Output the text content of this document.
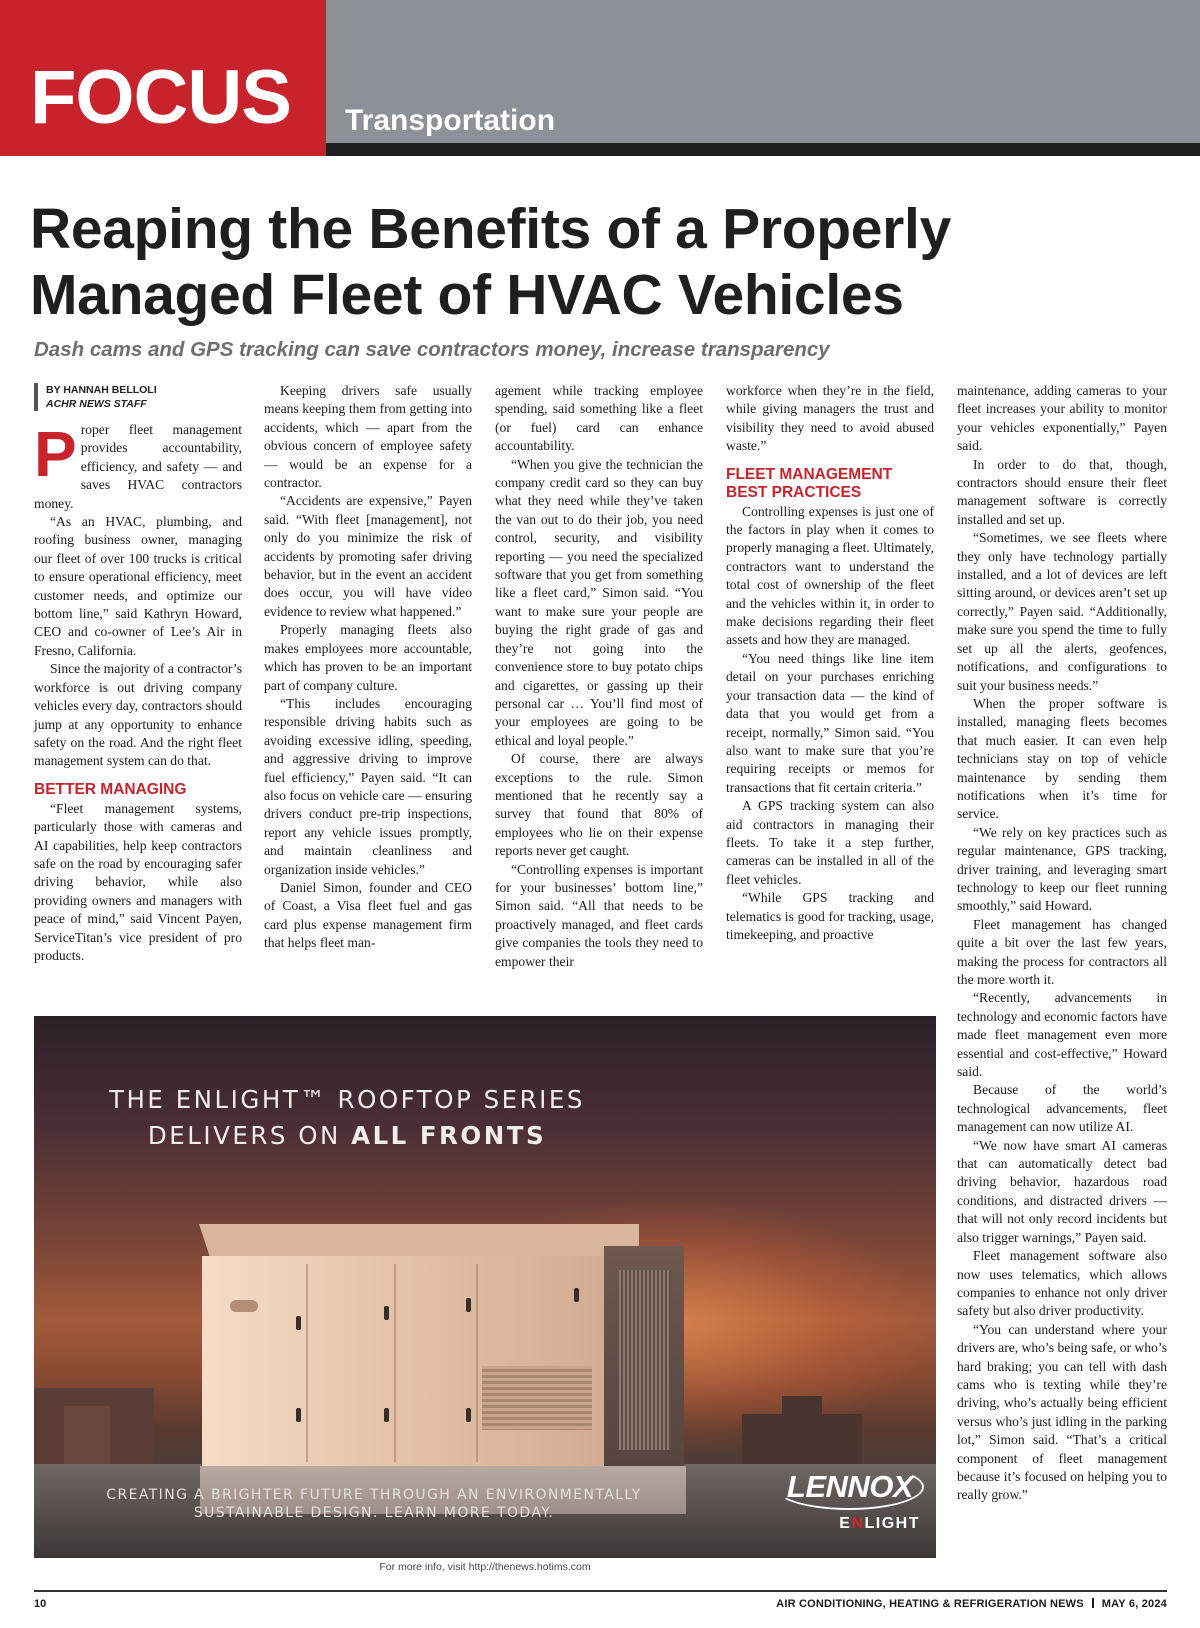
FOCUS Transportation
Reaping the Benefits of a Properly
Managed Fleet of HVAC Vehicles
Dash cams and GPS tracking can save contractors money, increase transparency
BY HANNAH BELLOLI
ACHR NEWS STAFF

Proper fleet management provides accountability, efficiency, and safety — and saves HVAC contractors money.

“As an HVAC, plumbing, and roofing business owner, managing our fleet of over 100 trucks is critical to ensure operational efficiency, meet customer needs, and optimize our bottom line,” said Kathryn Howard, CEO and co-owner of Lee’s Air in Fresno, California.

Since the majority of a contractor’s workforce is out driving company vehicles every day, contractors should jump at any opportunity to enhance safety on the road. And the right fleet management system can do that.

BETTER MANAGING

“Fleet management systems, particularly those with cameras and AI capabilities, help keep contractors safe on the road by encouraging safer driving behavior, while also providing owners and managers with peace of mind,” said Vincent Payen, ServiceTitan’s vice president of pro products.

Keeping drivers safe usually means keeping them from getting into accidents, which — apart from the obvious concern of employee safety — would be an expense for a contractor.

“Accidents are expensive,” Payen said. “With fleet [management], not only do you minimize the risk of accidents by promoting safer driving behavior, but in the event an accident does occur, you will have video evidence to review what happened.”

Properly managing fleets also makes employees more accountable, which has proven to be an important part of company culture.

“This includes encouraging responsible driving habits such as avoiding excessive idling, speeding, and aggressive driving to improve fuel efficiency,” Payen said. “It can also focus on vehicle care — ensuring drivers conduct pre-trip inspections, report any vehicle issues promptly, and maintain cleanliness and organization inside vehicles.”

Daniel Simon, founder and CEO of Coast, a Visa fleet fuel and gas card plus expense management firm that helps fleet man-

agement while tracking employee spending, said something like a fleet (or fuel) card can enhance accountability.

“When you give the technician the company credit card so they can buy what they need while they’ve taken the van out to do their job, you need control, security, and visibility reporting — you need the specialized software that you get from something like a fleet card,” Simon said. “You want to make sure your people are buying the right grade of gas and they’re not going into the convenience store to buy potato chips and cigarettes, or gassing up their personal car … You’ll find most of your employees are going to be ethical and loyal people.”

Of course, there are always exceptions to the rule. Simon mentioned that he recently say a survey that found that 80% of employees who lie on their expense reports never get caught.

“Controlling expenses is important for your businesses’ bottom line,” Simon said. “All that needs to be proactively managed, and fleet cards give companies the tools they need to empower their

workforce when they’re in the field, while giving managers the trust and visibility they need to avoid abused waste.”

FLEET MANAGEMENT BEST PRACTICES

Controlling expenses is just one of the factors in play when it comes to properly managing a fleet. Ultimately, contractors want to understand the total cost of ownership of the fleet and the vehicles within it, in order to make decisions regarding their fleet assets and how they are managed.

“You need things like line item detail on your purchases enriching your transaction data — the kind of data that you would get from a receipt, normally,” Simon said. “You also want to make sure that you’re requiring receipts or memos for transactions that fit certain criteria.”

A GPS tracking system can also aid contractors in managing their fleets. To take it a step further, cameras can be installed in all of the fleet vehicles.

“While GPS tracking and telematics is good for tracking, usage, timekeeping, and proactive

maintenance, adding cameras to your fleet increases your ability to monitor your vehicles exponentially,” Payen said.

In order to do that, though, contractors should ensure their fleet management software is correctly installed and set up.

“Sometimes, we see fleets where they only have technology partially installed, and a lot of devices are left sitting around, or devices aren’t set up correctly,” Payen said. “Additionally, make sure you spend the time to fully set up all the alerts, geofences, notifications, and configurations to suit your business needs.”

When the proper software is installed, managing fleets becomes that much easier. It can even help technicians stay on top of vehicle maintenance by sending them notifications when it’s time for service.

“We rely on key practices such as regular maintenance, GPS tracking, driver training, and leveraging smart technology to keep our fleet running smoothly,” said Howard.

Fleet management has changed quite a bit over the last few years, making the process for contractors all the more worth it.

“Recently, advancements in technology and economic factors have made fleet management even more essential and cost-effective,” Howard said.

Because of the world’s technological advancements, fleet management can now utilize AI.

“We now have smart AI cameras that can automatically detect bad driving behavior, hazardous road conditions, and distracted drivers — that will not only record incidents but also trigger warnings,” Payen said.

Fleet management software also now uses telematics, which allows companies to enhance not only driver safety but also driver productivity.

“You can understand where your drivers are, who’s being safe, or who’s hard braking; you can tell with dash cams who is texting while they’re driving, who’s actually being efficient versus who’s just idling in the parking lot,” Simon said. “That’s a critical component of fleet management because it’s focused on helping you to really grow.”

THE ENLIGHT™ ROOFTOP SERIES
DELIVERS ON ALL FRONTS
CREATING A BRIGHTER FUTURE THROUGH AN ENVIRONMENTALLY
SUSTAINABLE DESIGN. LEARN MORE TODAY.
LENNOX
ENLIGHT
For more info, visit http://thenews.hotims.com
10	AIR CONDITIONING, HEATING & REFRIGERATION NEWS MAY 6, 2024
